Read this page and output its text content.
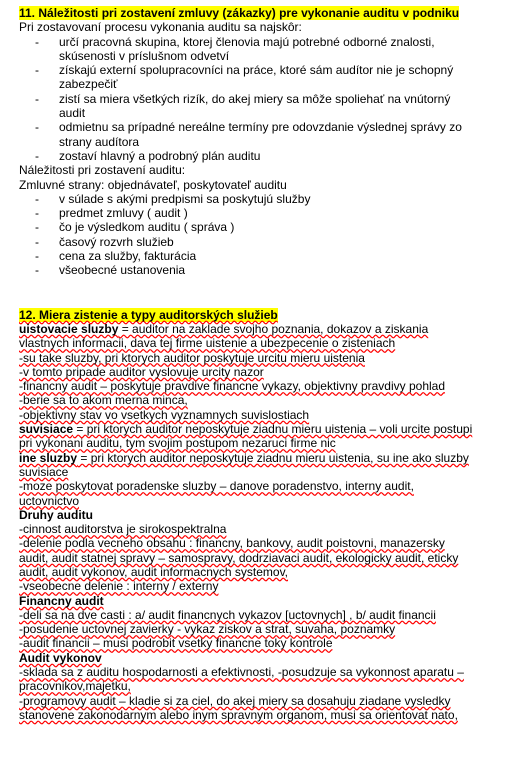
11. Náležitosti pri zostavení zmluvy (zákazky) pre vykonanie auditu v podniku
Pri zostavovaní procesu vykonania auditu sa najskôr:
- určí pracovná skupina, ktorej členovia majú potrebné odborné znalosti,
skúsenosti v príslušnom odvetví
- získajú externí spolupracovníci na práce, ktoré sám audítor nie je schopný
zabezpečiť
- zistí sa miera všetkých rizík, do akej miery sa môže spoliehať na vnútorný
audit
- odmietnu sa prípadné nereálne termíny pre odovzdanie výslednej správy zo
strany audítora
- zostaví hlavný a podrobný plán auditu
Náležitosti pri zostavení auditu:
Zmluvné strany: objednávateľ, poskytovateľ auditu
- v súlade s akými predpismi sa poskytujú služby
- predmet zmluvy ( audit )
- čo je výsledkom auditu ( správa )
- časový rozvrh služieb
- cena za služby, fakturácia
- všeobecné ustanovenia
12. Miera zistenie a typy auditorských služieb
uistovacie sluzby = auditor na zaklade svojho poznania, dokazov a ziskania
vlastnych informacii, dava tej firme uistenie a ubezpecenie o zisteniach
-su take sluzby, pri ktorych auditor poskytuje urcitu mieru uistenia
-v tomto pripade auditor vyslovuje urcity nazor
-financny audit – poskytuje pravdive financne vykazy, objektivny pravdivy pohlad
-berie sa to akom merna minca,
-objektivny stav vo vsetkych vyznamnych suvislostiach
suvisiace = pri ktorych auditor neposkytuje ziadnu mieru uistenia – voli urcite postupi
pri vykonani auditu, tym svojim postupom nezaruci firme nic
ine sluzby = pri ktorych auditor neposkytuje ziadnu mieru uistenia, su ine ako sluzby
suvisiace
-moze poskytovat poradenske sluzby – danove poradenstvo, interny audit,
uctovnictvo
Druhy auditu
-cinnost auditorstva je sirokospektralna
-delenie podla vecneho obsahu : financny, bankovy, audit poistovni, manazersky
audit, audit statnej spravy – samospravy, dodrziavaci audit, ekologicky audit, eticky
audit, audit vykonov, audit informacnych systemov,
-vseobecne delenie : interny / externy
Financny audit
-deli sa na dve casti : a/ audit financnych vykazov [uctovnych] , b/ audit financii
-posudenie uctovnej zavierky - vykaz ziskov a strat, suvaha, poznamky
-audit financii – musi podrobit vsetky financne toky kontrole
Audit vykonov
-sklada sa z auditu hospodarnosti a efektivnosti, -posudzuje sa vykonnost aparatu –
pracovnikov,majetku,
-programovy audit – kladie si za ciel, do akej miery sa dosahuju ziadane vysledky
stanovene zakonodarnym alebo inym spravnym organom, musi sa orientovat nato,
